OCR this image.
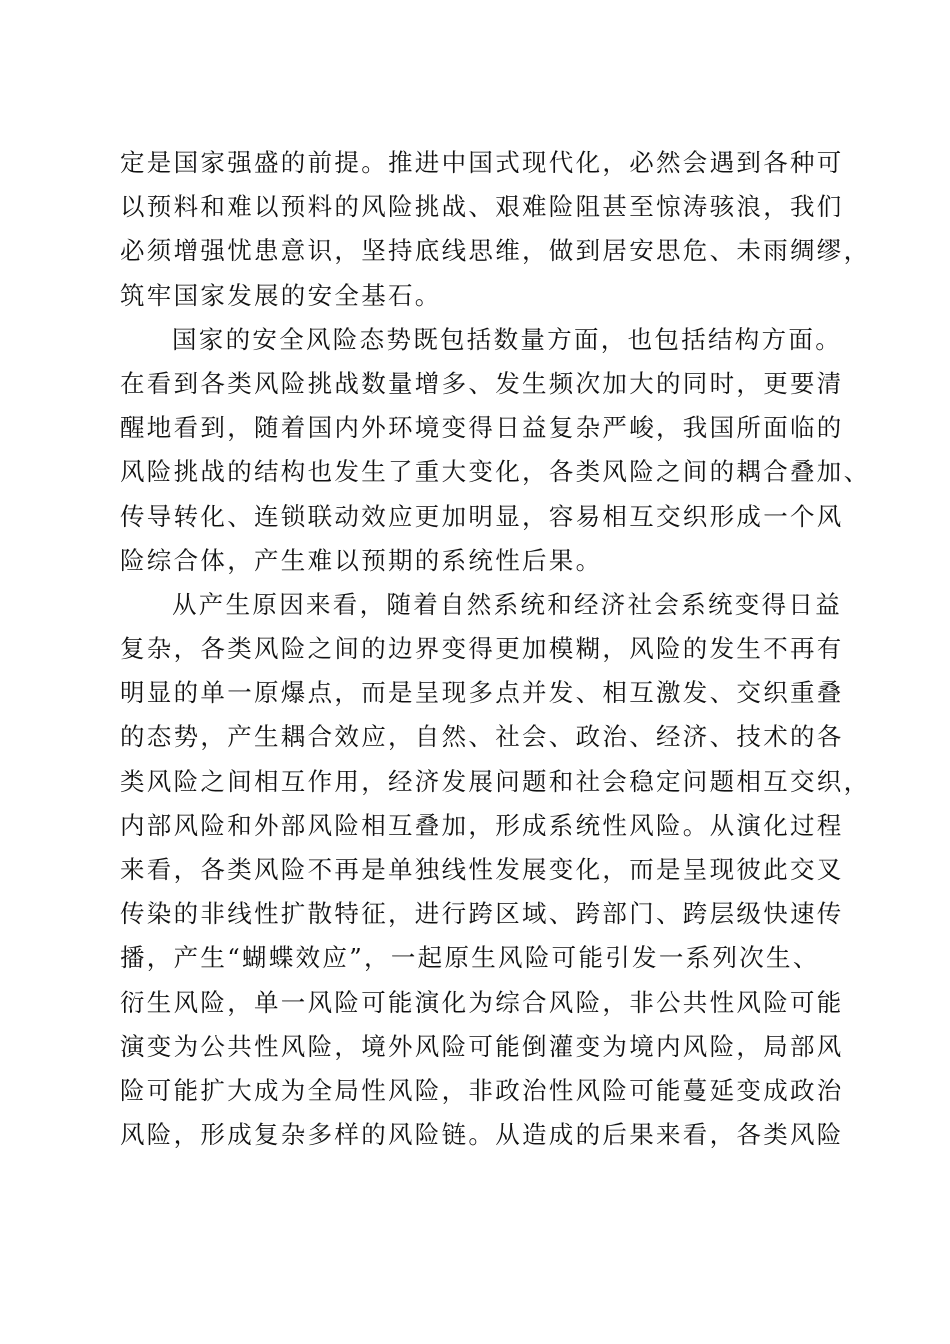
定是国家强盛的前提。推进中国式现代化，必然会遇到各种可
以预料和难以预料的风险挑战、艰难险阻甚至惊涛骇浪，我们
必须增强忧患意识，坚持底线思维，做到居安思危、未雨绸缪，
筑牢国家发展的安全基石。
国家的安全风险态势既包括数量方面，也包括结构方面。
在看到各类风险挑战数量增多、发生频次加大的同时，更要清
醒地看到，随着国内外环境变得日益复杂严峻，我国所面临的
风险挑战的结构也发生了重大变化，各类风险之间的耦合叠加、
传导转化、连锁联动效应更加明显，容易相互交织形成一个风
险综合体，产生难以预期的系统性后果。
从产生原因来看，随着自然系统和经济社会系统变得日益
复杂，各类风险之间的边界变得更加模糊，风险的发生不再有
明显的单一原爆点，而是呈现多点并发、相互激发、交织重叠
的态势，产生耦合效应，自然、社会、政治、经济、技术的各
类风险之间相互作用，经济发展问题和社会稳定问题相互交织，
内部风险和外部风险相互叠加，形成系统性风险。从演化过程
来看，各类风险不再是单独线性发展变化，而是呈现彼此交叉
传染的非线性扩散特征，进行跨区域、跨部门、跨层级快速传
播，产生“蝴蝶效应”，一起原生风险可能引发一系列次生、
衍生风险，单一风险可能演化为综合风险，非公共性风险可能
演变为公共性风险，境外风险可能倒灌变为境内风险，局部风
险可能扩大成为全局性风险，非政治性风险可能蔓延变成政治
风险，形成复杂多样的风险链。从造成的后果来看，各类风险
